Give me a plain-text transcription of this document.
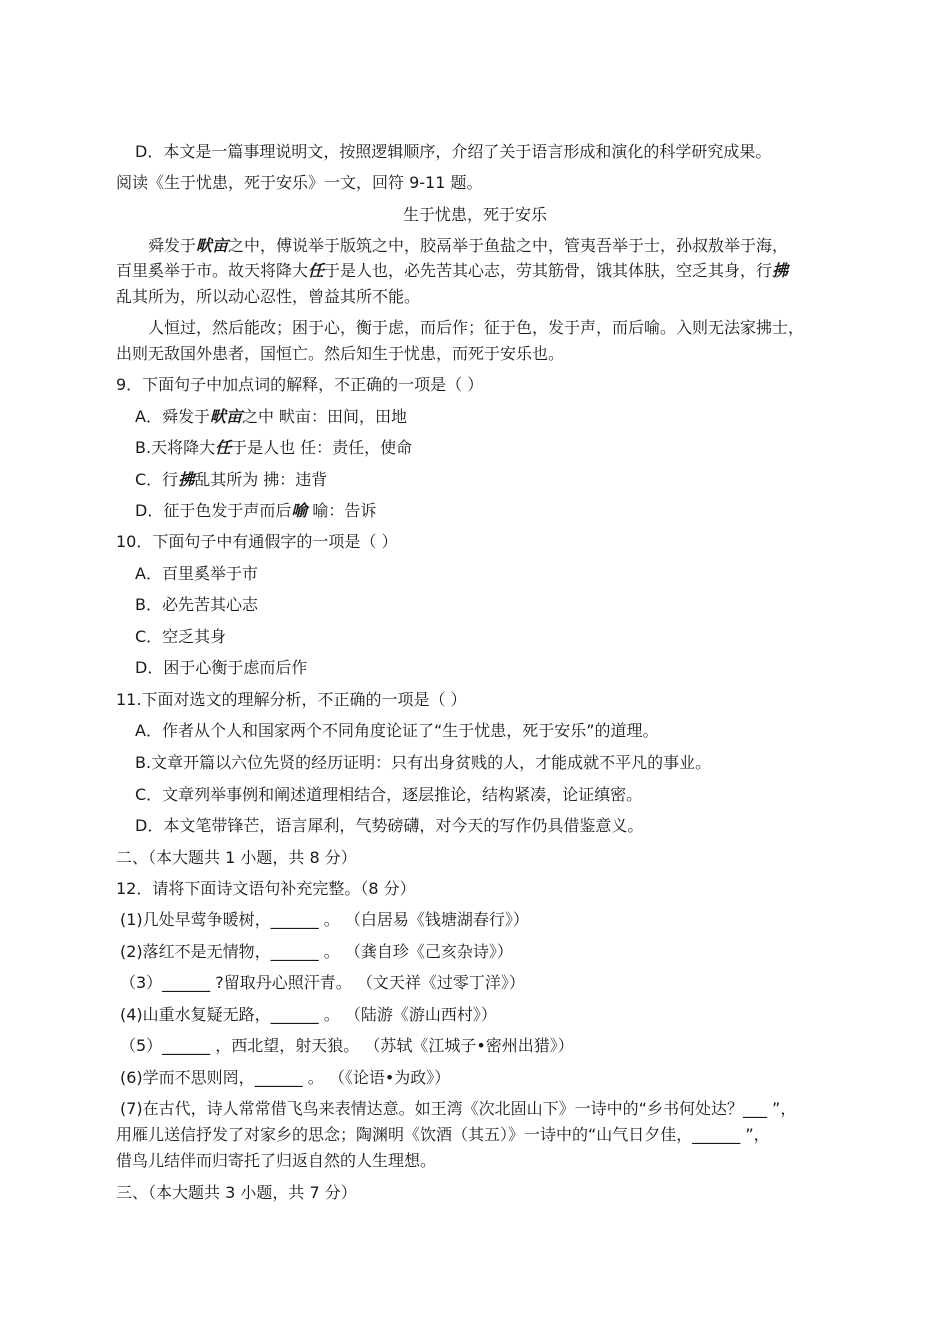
D．本文是一篇事理说明文，按照逻辑顺序，介绍了关于语言形成和演化的科学研究成果。
阅读《生于忧患，死于安乐》一文，回符 9-11 题。
生于忧患，死于安乐
舜发于畎亩之中，傅说举于版筑之中，胶鬲举于鱼盐之中，管夷吾举于士，孙叔敖举于海，
百里奚举于市。故天将降大任于是人也，必先苦其心志，劳其筋骨，饿其体肤，空乏其身，行拂
乱其所为，所以动心忍性，曾益其所不能。
人恒过，然后能改；困于心，衡于虑，而后作；征于色，发于声，而后喻。入则无法家拂士，
出则无敌国外患者，国恒亡。然后知生于忧患，而死于安乐也。
9．下面句子中加点词的解释，不正确的一项是（ ）
A．舜发于畎亩之中 畎亩：田间，田地
B.天将降大任于是人也 任：责任，使命
C．行拂乱其所为 拂：违背
D．征于色发于声而后喻 喻：告诉
10．下面句子中有通假字的一项是（ ）
A．百里奚举于市
B．必先苦其心志
C．空乏其身
D．困于心衡于虑而后作
11.下面对选文的理解分析，不正确的一项是（ ）
A．作者从个人和国家两个不同角度论证了“生于忧患，死于安乐”的道理。
B.文章开篇以六位先贤的经历证明：只有出身贫贱的人，才能成就不平凡的事业。
C．文章列举事例和阐述道理相结合，逐层推论，结构紧凑，论证缜密。
D．本文笔带锋芒，语言犀利，气势磅礴，对今天的写作仍具借鉴意义。
二、（本大题共 1 小题，共 8 分）
12．请将下面诗文语句补充完整。（8 分）
(1)几处早莺争暖树，______ 。 （白居易《钱塘湖春行》）
(2)落红不是无情物，______ 。 （龚自珍《己亥杂诗》）
（3）______ ?留取丹心照汗青。 （文天祥《过零丁洋》）
(4)山重水复疑无路，______ 。 （陆游《游山西村》）
（5）______ ，西北望，射天狼。 （苏轼《江城子•密州出猎》）
(6)学而不思则罔，______ 。 （《论语•为政》）
(7)在古代，诗人常常借飞鸟来表情达意。如王湾《次北固山下》一诗中的“乡书何处达？___ ”，
用雁儿送信抒发了对家乡的思念；陶渊明《饮酒（其五）》一诗中的“山气日夕佳，______ ”，
借鸟儿结伴而归寄托了归返自然的人生理想。
三、（本大题共 3 小题，共 7 分）
